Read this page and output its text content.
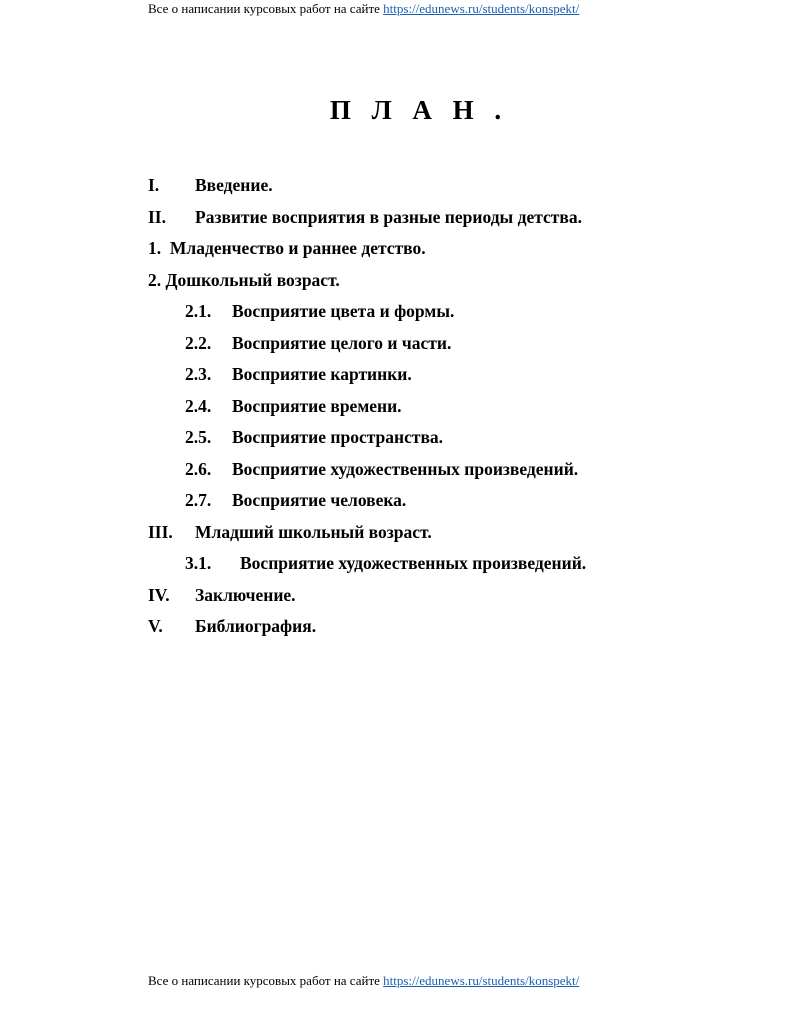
Все о написании курсовых работ на сайте https://edunews.ru/students/konspekt/
П Л А Н .
I. Введение.
II. Развитие восприятия в разные периоды детства.
1.  Младенчество и раннее детство.
2. Дошкольный возраст.
2.1. Восприятие цвета и формы.
2.2. Восприятие целого и части.
2.3. Восприятие картинки.
2.4. Восприятие времени.
2.5. Восприятие пространства.
2.6. Восприятие художественных произведений.
2.7. Восприятие человека.
III. Младший школьный возраст.
3.1. Восприятие художественных произведений.
IV. Заключение.
V. Библиография.
Все о написании курсовых работ на сайте https://edunews.ru/students/konspekt/
